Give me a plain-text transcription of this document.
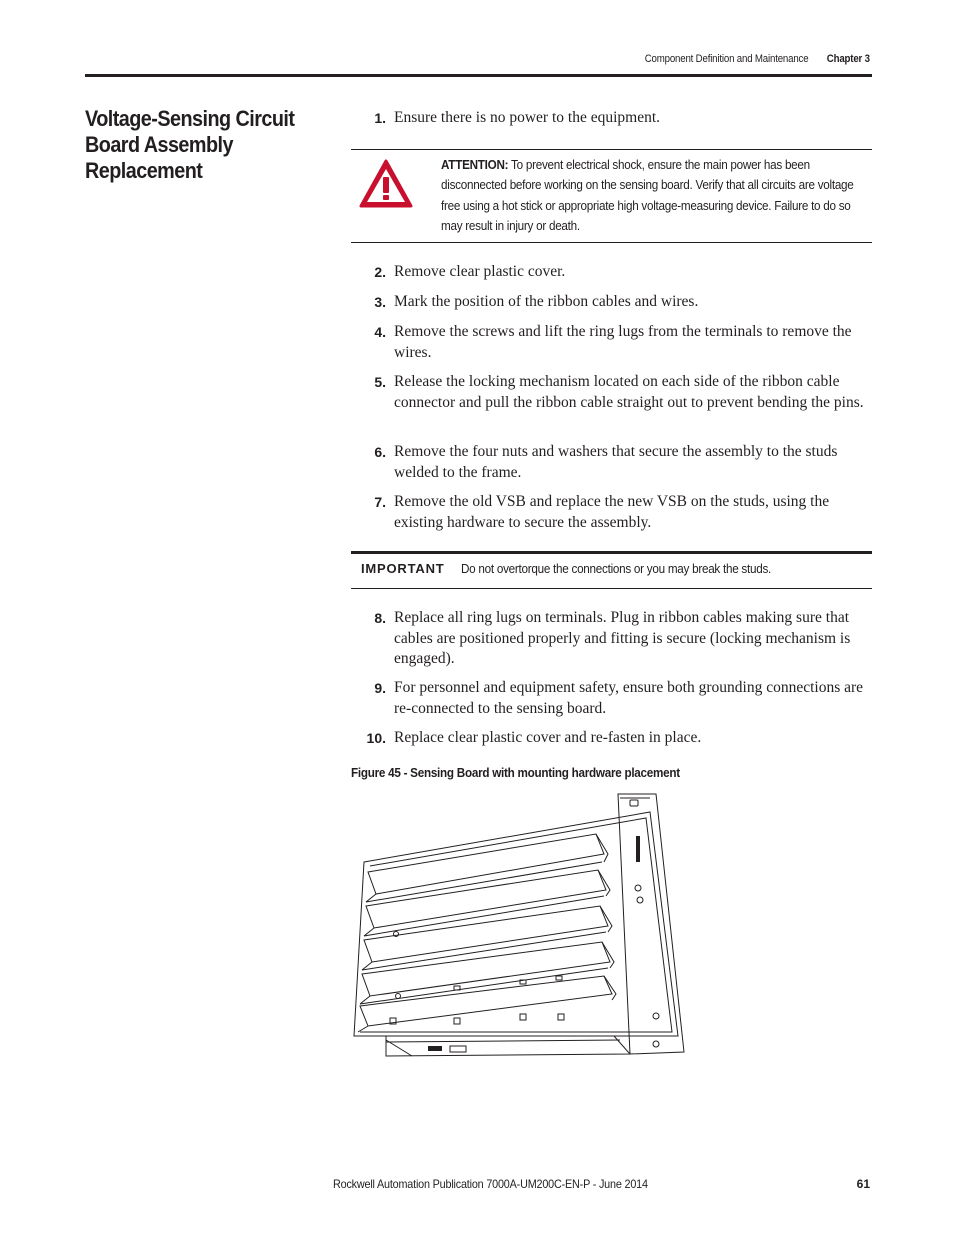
Component Definition and Maintenance Chapter 3
Voltage-Sensing Circuit Board Assembly Replacement
1. Ensure there is no power to the equipment.
ATTENTION: To prevent electrical shock, ensure the main power has been disconnected before working on the sensing board. Verify that all circuits are voltage free using a hot stick or appropriate high voltage-measuring device. Failure to do so may result in injury or death.
2. Remove clear plastic cover.
3. Mark the position of the ribbon cables and wires.
4. Remove the screws and lift the ring lugs from the terminals to remove the wires.
5. Release the locking mechanism located on each side of the ribbon cable connector and pull the ribbon cable straight out to prevent bending the pins.
6. Remove the four nuts and washers that secure the assembly to the studs welded to the frame.
7. Remove the old VSB and replace the new VSB on the studs, using the existing hardware to secure the assembly.
IMPORTANT Do not overtorque the connections or you may break the studs.
8. Replace all ring lugs on terminals. Plug in ribbon cables making sure that cables are positioned properly and fitting is secure (locking mechanism is engaged).
9. For personnel and equipment safety, ensure both grounding connections are re-connected to the sensing board.
10. Replace clear plastic cover and re-fasten in place.
Figure 45 - Sensing Board with mounting hardware placement
Rockwell Automation Publication 7000A-UM200C-EN-P - June 2014	61
